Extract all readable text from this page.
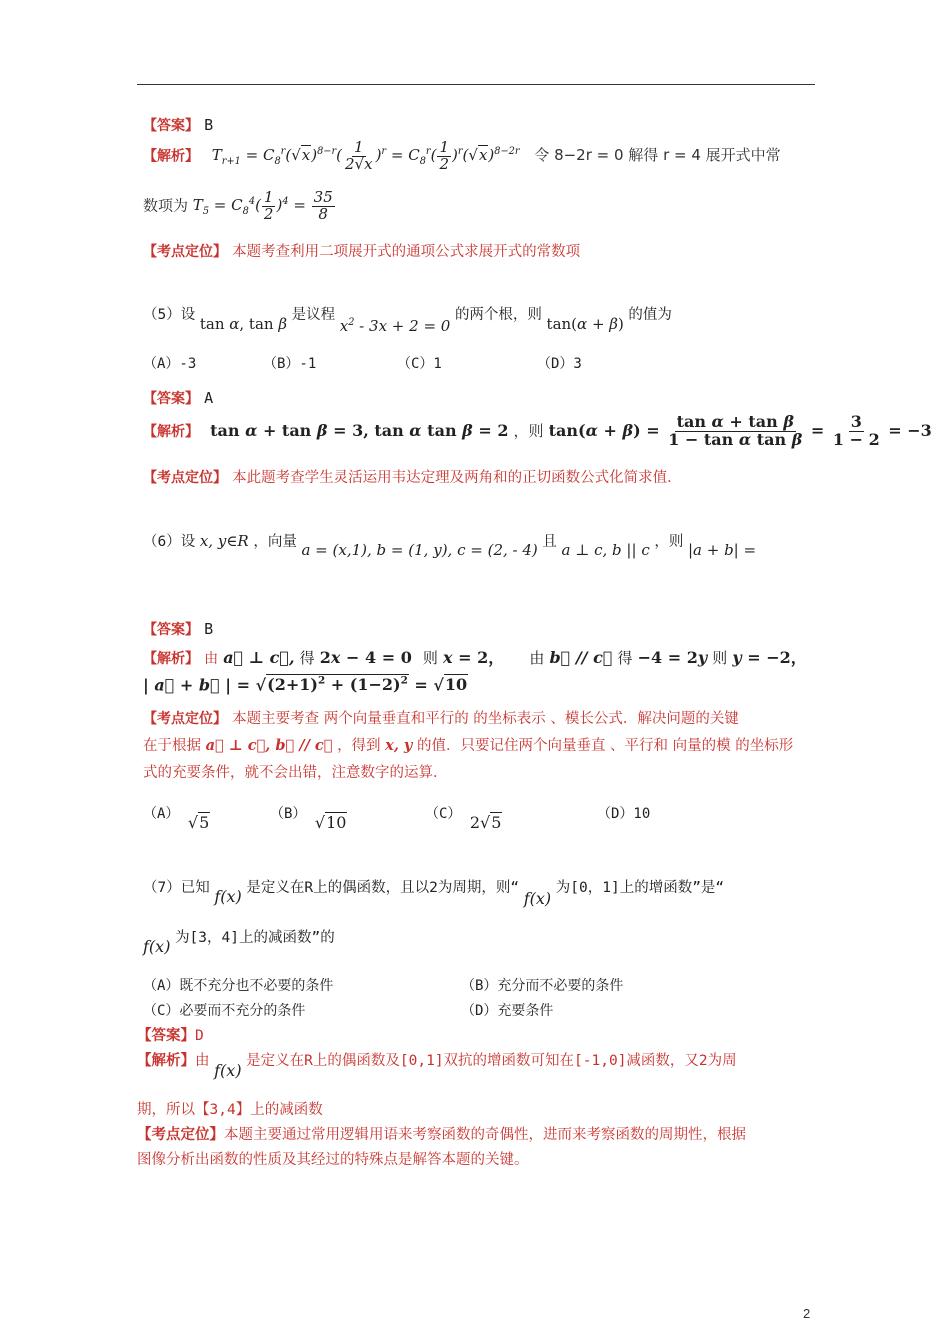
【答案】 B
【解析】 $T_{r+1} = C_8^r(√x)^{8-r}( \frac{1}{2√x} )^r = C_8^r( \frac{1}{2} )^r(√x)^{8-2r}$ 令 8−2r = 0 解得 r = 4 展开式中常
数项为 $T_5 = C_8^4( \frac{1}{2} )^4 = \frac{35}{8}$
【考点定位】 本题考查利用二项展开式的通项公式求展开式的常数项
（5）设 tan α, tan β 是议程 $x^2 - 3x + 2 = 0$ 的两个根，则 tan(α + β) 的值为
（A）-3	（B）-1	（C）1	（D）3
【答案】 A
【解析】 tan α + tan β = 3, tan α tan β = 2 ，则 $\tan(\alpha + \beta) = \frac{\text{tan α + tan β}}{\text{1 − tan α tan β}} = \frac{3}{1 - 2} = -3$
【考点定位】 本此题考查学生灵活运用韦达定理及两角和的正切函数公式化简求值．
（6）设 x, y∈R ，向量 a = (x,1), b = (1, y), c = (2, - 4) 且 a ⊥ c, b || c ，则 |a + b| =
【答案】 B
【解析】 由 a⃗ ⊥ c⃗, 得 2x − 4 = 0 则 x = 2， 由 b⃗ // c⃗ 得 −4 = 2y 则 y = −2，
| a⃗ + b⃗ | = $√(2+1)^2 + (1-2)^2 = √10$
【考点定位】 本题主要考查 两个向量垂直和平行的 的坐标表示 、模长公式．解决问题的关键
在于根据 a⃗ ⊥ c⃗, b⃗ // c⃗ ，得到 x, y 的值．只要记住两个向量垂直 、平行和 向量的模 的坐标形
式的充要条件，就不会出错，注意数字的运算．
（A） √5	（B） √10	（C） 2√5	（D）10
（7）已知 f(x) 是定义在R上的偶函数，且以2为周期，则“ f(x) 为[0，1]上的增函数”是“
f(x) 为[3，4]上的减函数”的
（A）既不充分也不必要的条件	（B）充分而不必要的条件
（C）必要而不充分的条件	（D）充要条件
【答案】D
【解析】由 f(x) 是定义在R上的偶函数及[0,1]双抗的增函数可知在[-1,0]减函数，又2为周
期，所以【3,4】上的减函数
【考点定位】本题主要通过常用逻辑用语来考察函数的奇偶性，进而来考察函数的周期性，根据
图像分析出函数的性质及其经过的特殊点是解答本题的关键。
2
